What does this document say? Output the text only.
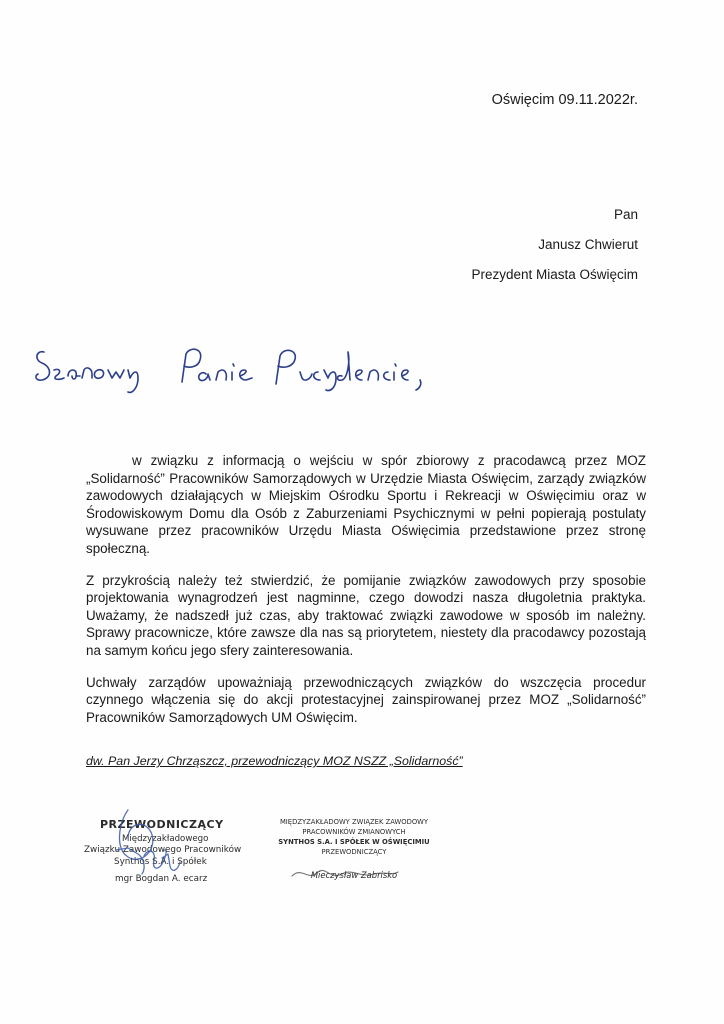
Oświęcim 09.11.2022r.
Pan
Janusz Chwierut
Prezydent Miasta Oświęcim

w związku z informacją o wejściu w spór zbiorowy z pracodawcą przez MOZ „Solidarność” Pracowników Samorządowych w Urzędzie Miasta Oświęcim, zarządy związków zawodowych działających w Miejskim Ośrodku Sportu i Rekreacji w Oświęcimiu oraz w Środowiskowym Domu dla Osób z Zaburzeniami Psychicznymi w pełni popierają postulaty wysuwane przez pracowników Urzędu Miasta Oświęcimia przedstawione przez stronę społeczną.

Z przykrością należy też stwierdzić, że pomijanie związków zawodowych przy sposobie projektowania wynagrodzeń jest nagminne, czego dowodzi nasza długoletnia praktyka. Uważamy, że nadszedł już czas, aby traktować związki zawodowe w sposób im należny. Sprawy pracownicze, które zawsze dla nas są priorytetem, niestety dla pracodawcy pozostają na samym końcu jego sfery zainteresowania.

Uchwały zarządów upoważniają przewodniczących związków do wszczęcia procedur czynnego włączenia się do akcji protestacyjnej zainspirowanej przez MOZ „Solidarność” Pracowników Samorządowych UM Oświęcim.

dw. Pan Jerzy Chrząszcz, przewodniczący MOZ NSZZ „Solidarność”
PRZEWODNICZĄCY
Międzyzakładowego
Związku Zawodowego Pracowników
Synthos S.A. i Spółek
mgr Bogdan A. ecarz
MIĘDZYZAKŁADOWY ZWIĄZEK ZAWODOWY
PRACOWNIKÓW ZMIANOWYCH
SYNTHOS S.A. I SPÓŁEK W OŚWIĘCIMIU
PRZEWODNICZĄCY
Mieczysław Zabrisko
